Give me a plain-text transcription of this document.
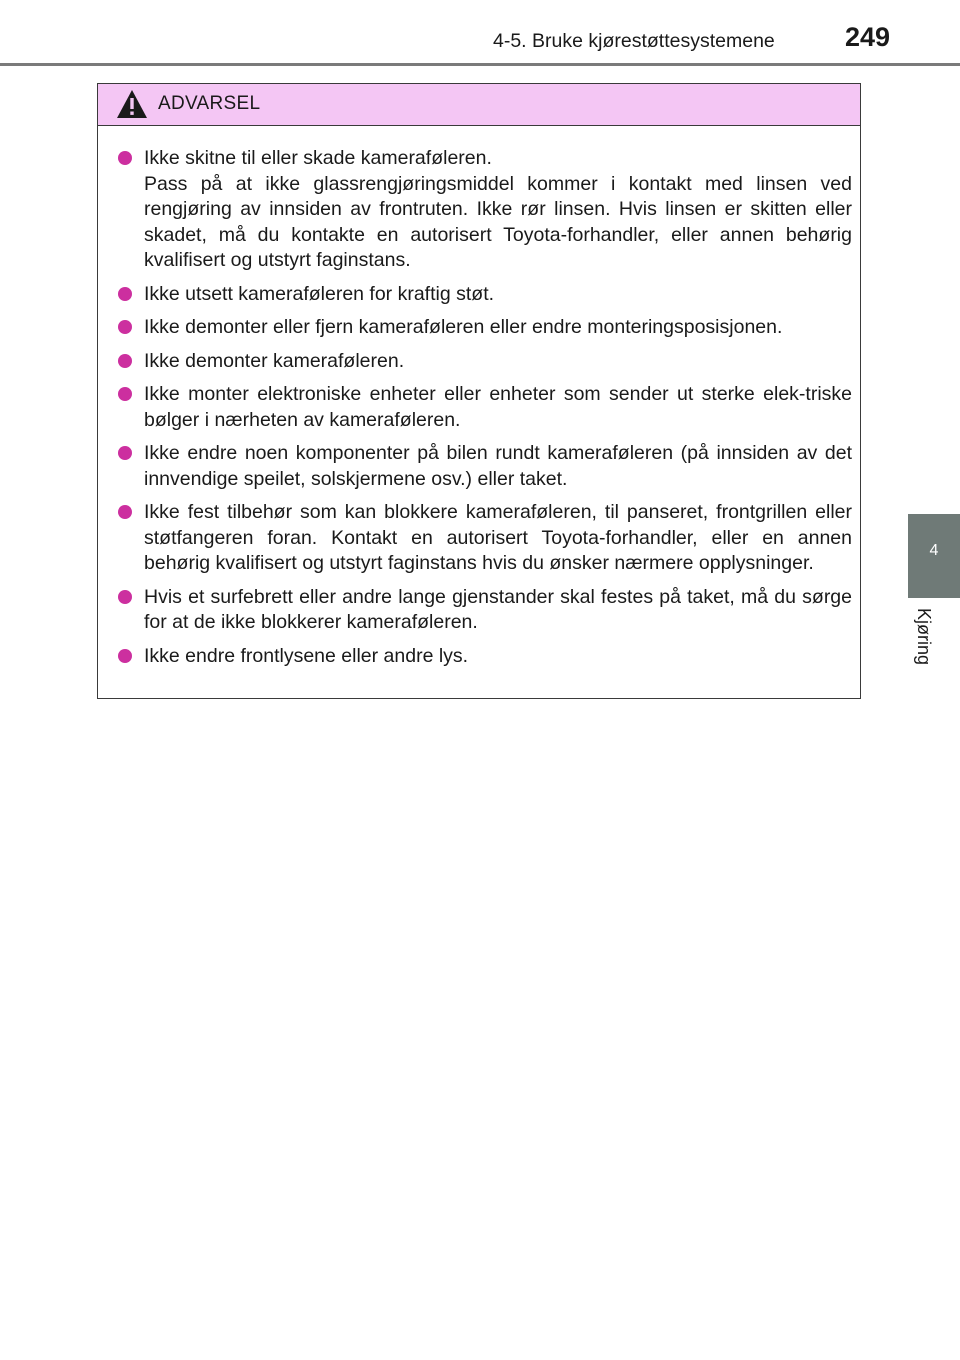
4-5. Bruke kjørestøttesystemene	249
4
Kjøring
ADVARSEL
Ikke skitne til eller skade kameraføleren.
Pass på at ikke glassrengjøringsmiddel kommer i kontakt med linsen ved rengjøring av innsiden av frontruten. Ikke rør linsen. Hvis linsen er skitten eller skadet, må du kontakte en autorisert Toyota-forhandler, eller annen behørig kvalifisert og utstyrt faginstans.
Ikke utsett kameraføleren for kraftig støt.
Ikke demonter eller fjern kameraføleren eller endre monteringsposisjonen.
Ikke demonter kameraføleren.
Ikke monter elektroniske enheter eller enheter som sender ut sterke elek-triske bølger i nærheten av kameraføleren.
Ikke endre noen komponenter på bilen rundt kameraføleren (på innsiden av det innvendige speilet, solskjermene osv.) eller taket.
Ikke fest tilbehør som kan blokkere kameraføleren, til panseret, frontgrillen eller støtfangeren foran. Kontakt en autorisert Toyota-forhandler, eller en annen behørig kvalifisert og utstyrt faginstans hvis du ønsker nærmere opplysninger.
Hvis et surfebrett eller andre lange gjenstander skal festes på taket, må du sørge for at de ikke blokkerer kameraføleren.
Ikke endre frontlysene eller andre lys.
